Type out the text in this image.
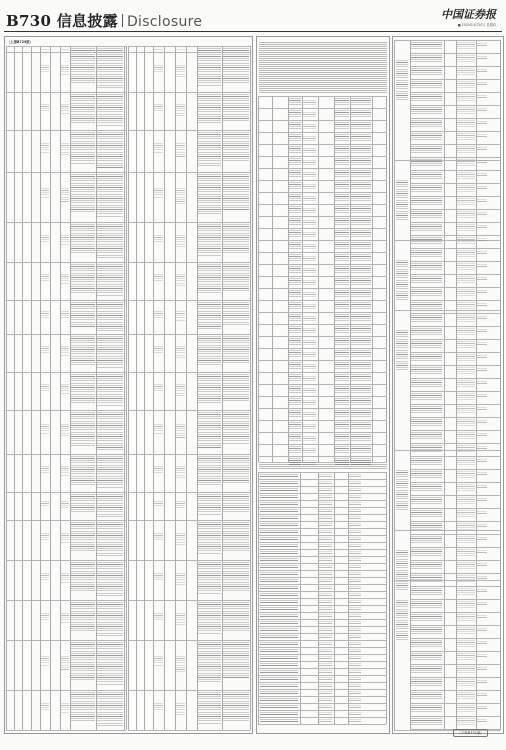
B730 信息披露 Disclosure	中国证券报
■ 2020年4月30日 星期四
（上接B729版）
（下转B731版）
